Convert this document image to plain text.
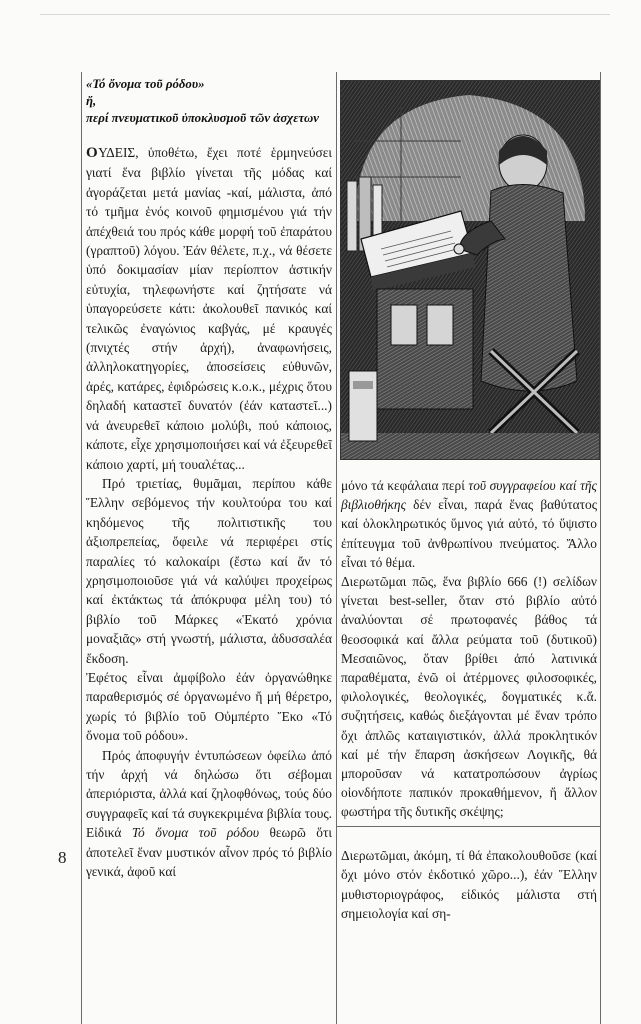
8
«Τό ὄνομα τοῦ ρόδου»
ἤ,
περί πνευματικοῦ ὑποκλυσμοῦ τῶν ἀσχετων

ΟΥΔΕΙΣ, ὑποθέτω, ἔχει ποτέ ἑρμηνεύσει γιατί ἕνα βιβλίο γίνεται τῆς μόδας καί ἀγοράζεται μετά μανίας -καί, μάλιστα, ἀπό τό τμῆμα ἑνός κοινοῦ φημισμένου γιά τήν ἀπέχθειά του πρός κάθε μορφή τοῦ ἐπαράτου (γραπτοῦ) λόγου. Ἐάν θέλετε, π.χ., νά θέσετε ὑπό δοκιμασίαν μίαν περίοπτον ἀστικήν εὐτυχία, τηλεφωνήστε καί ζητήσατε νά ὑπαγορεύσετε κάτι: ἀκολουθεῖ πανικός καί τελικῶς ἐναγώνιος καβγάς, μέ κραυγές (πνιχτές στήν ἀρχή), ἀναφωνήσεις, ἀλληλοκατηγορίες, ἀποσείσεις εὐθυνῶν, ἀρές, κατάρες, ἐφιδρώσεις κ.ο.κ., μέχρις ὅτου δηλαδή καταστεῖ δυνατόν (ἐάν καταστεῖ...) νά ἀνευρεθεῖ κάποιο μολύβι, πού κάποιος, κάποτε, εἶχε χρησιμοποιήσει καί νά ἐξευρεθεῖ κάποιο χαρτί, μή τουαλέτας...

Πρό τριετίας, θυμᾶμαι, περίπου κάθε Ἕλλην σεβόμενος τήν κουλτούρα του καί κηδόμενος τῆς πολιτιστικῆς του ἀξιοπρεπείας, ὄφειλε νά περιφέρει στίς παραλίες τό καλοκαίρι (ἔστω καί ἄν τό χρησιμοποιοῦσε γιά νά καλύψει προχείρως καί ἐκτάκτως τά ἀπόκρυφα μέλη του) τό βιβλίο τοῦ Μάρκες «Ἑκατό χρόνια μοναξιᾶς» στή γνωστή, μάλιστα, ἀδυσσαλέα ἔκδοση.

Ἐφέτος εἶναι ἀμφίβολο ἐάν ὀργανώθηκε παραθερισμός σέ ὀργανωμένο ἤ μή θέρετρο, χωρίς τό βιβλίο τοῦ Οὐμπέρτο Ἔκο «Τό ὄνομα τοῦ ρόδου».

Πρός ἀποφυγήν ἐντυπώσεων ὀφείλω ἀπό τήν ἀρχή νά δηλώσω ὅτι σέβομαι ἀπεριόριστα, ἀλλά καί ζηλοφθόνως, τούς δύο συγγραφεῖς καί τά συγκεκριμένα βιβλία τους. Εἰδικά Τό ὄνομα τοῦ ρόδου θεωρῶ ὅτι ἀποτελεῖ ἕναν μυστικόν αἶνον πρός τό βιβλίο γενικά, ἀφοῦ καί

μόνο τά κεφάλαια περί τοῦ συγγραφείου καί τῆς βιβλιοθήκης δέν εἶναι, παρά ἕνας βαθύτατος καί ὁλοκληρωτικός ὕμνος γιά αὐτό, τό ὕψιστο ἐπίτευγμα τοῦ ἀνθρωπίνου πνεύματος. Ἄλλο εἶναι τό θέμα.

Διερωτῶμαι πῶς, ἕνα βιβλίο 666 (!) σελίδων γίνεται best-seller, ὅταν στό βιβλίο αὐτό ἀναλύονται σέ πρωτοφανές βάθος τά θεοσοφικά καί ἄλλα ρεύματα τοῦ (δυτικοῦ) Μεσαιῶνος, ὅταν βρίθει ἀπό λατινικά παραθέματα, ἐνῶ οἱ ἀτέρμονες φιλοσοφικές, φιλολογικές, θεολογικές, δογματικές κ.ἄ. συζητήσεις, καθώς διεξάγονται μέ ἕναν τρόπο ὄχι ἁπλῶς καταιγιστικόν, ἀλλά προκλητικόν καί μέ τήν ἔπαρση ἀσκήσεων Λογικῆς, θά μποροῦσαν νά κατατροπώσουν ἀγρίως οἱονδήποτε παπικόν προκαθήμενον, ἤ ἄλλον φωστήρα τῆς δυτικῆς σκέψης;

Διερωτῶμαι, ἀκόμη, τί θά ἐπακολουθοῦσε (καί ὄχι μόνο στόν ἐκδοτικό χῶρο...), ἐάν Ἕλλην μυθιστοριογράφος, εἰδικός μάλιστα στή σημειολογία καί ση-
